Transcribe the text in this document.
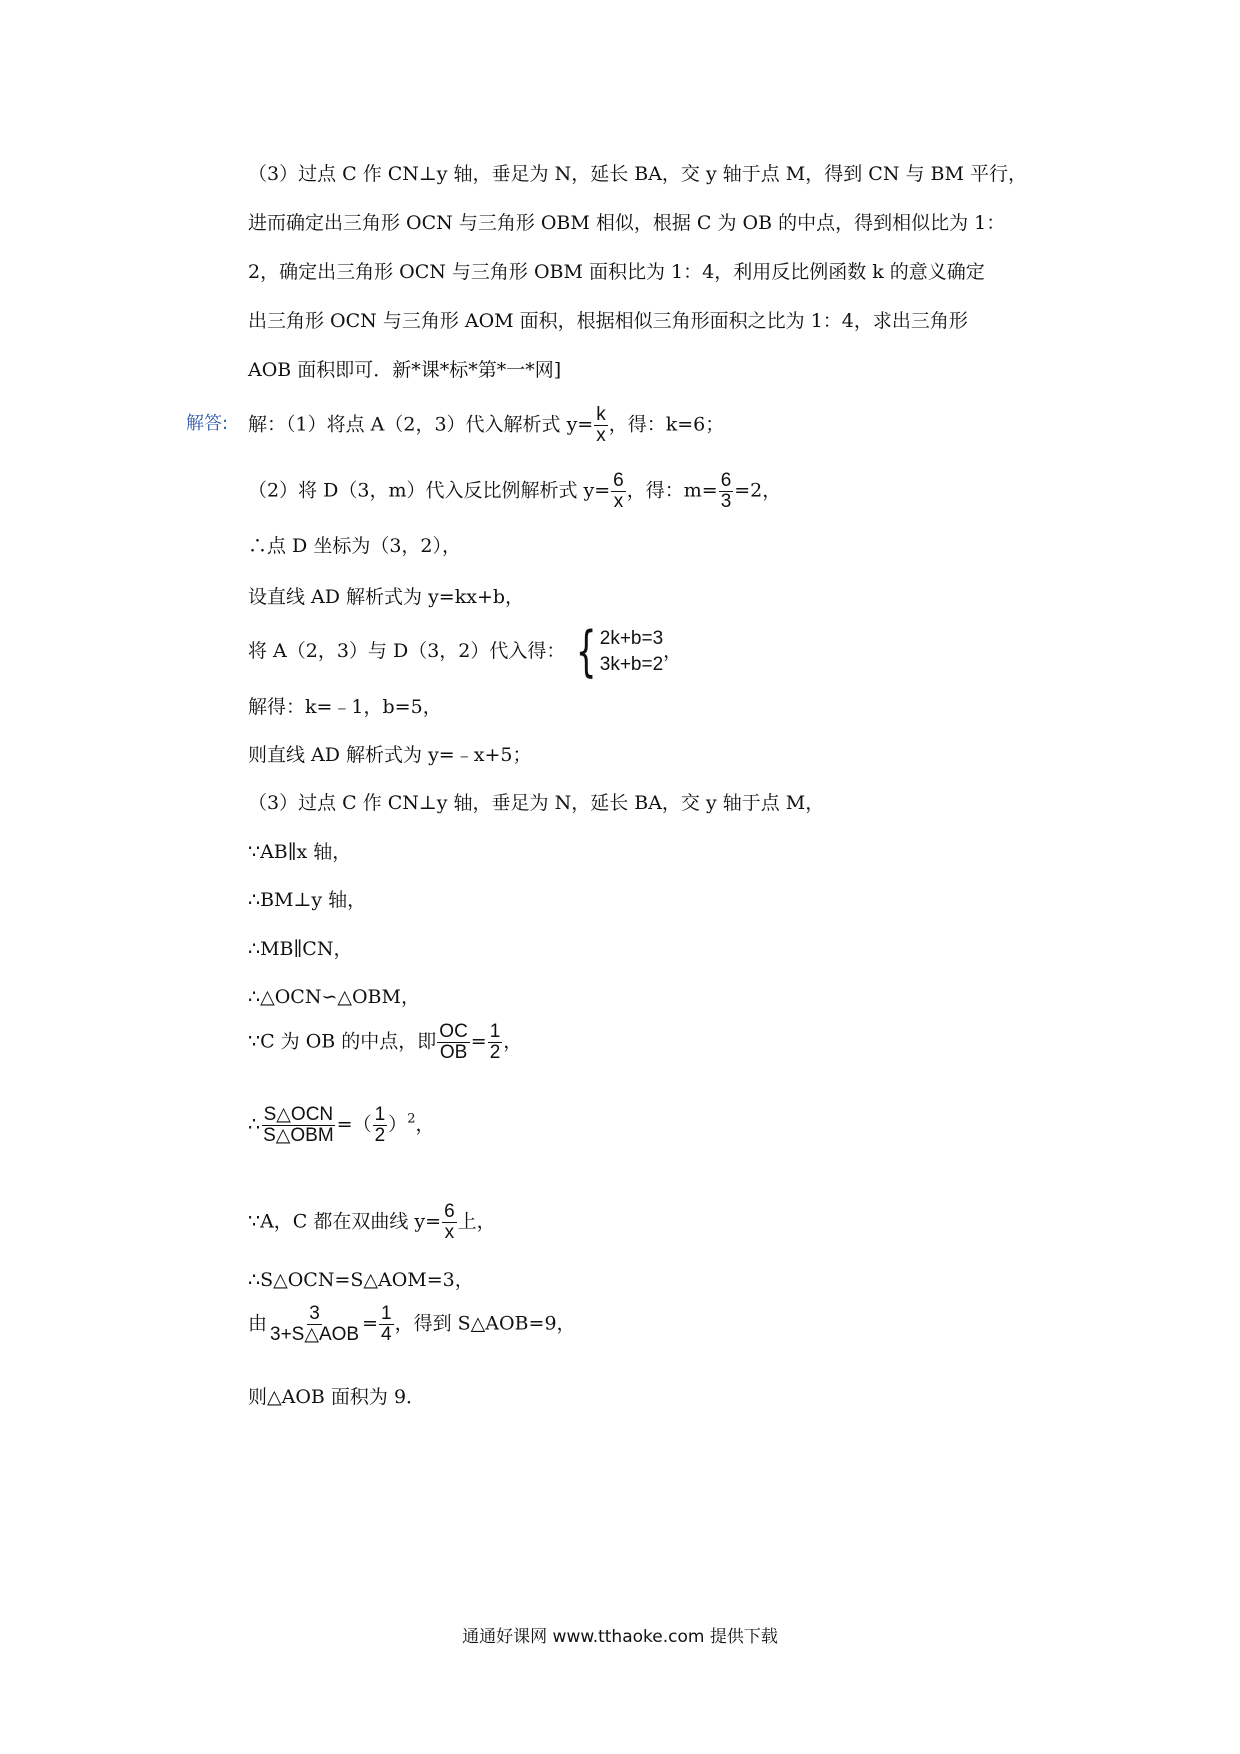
（3）过点 C 作 CN⊥y 轴，垂足为 N，延长 BA，交 y 轴于点 M，得到 CN 与 BM 平行，
进而确定出三角形 OCN 与三角形 OBM 相似，根据 C 为 OB 的中点，得到相似比为 1：
2，确定出三角形 OCN 与三角形 OBM 面积比为 1：4，利用反比例函数 k 的意义确定
出三角形 OCN 与三角形 AOM 面积，根据相似三角形面积之比为 1：4，求出三角形
AOB 面积即可．新*课*标*第*一*网]
解答: 解：（1）将点 A（2，3）代入解析式 $y= \frac{k}{x}$ ，得：k=6；
（2）将 D（3，m）代入反比例解析式 $y= \frac{6}{x}$ ，得：$m= \frac{6}{3} =2$，
∴点 D 坐标为（3，2），
设直线 AD 解析式为 y=kx+b，
将 A（2，3）与 D（3，2）代入得： { 2k+b=3
3k+b=2
，
解得：k=﹣1，b=5，
则直线 AD 解析式为 y=﹣x+5；
（3）过点 C 作 CN⊥y 轴，垂足为 N，延长 BA，交 y 轴于点 M，
∵AB∥x 轴，
∴BM⊥y 轴，
∴MB∥CN，
∴△OCN∽△OBM，
∵C 为 OB 的中点，即 $\frac{OC}{OB} = \frac{1}{2}$ ，
∴ $\frac{\text{S△OCN}}{\text{S△OBM}}$ =（ $\frac{1}{2} )^2$，
∵A，C 都在双曲线 $y= \frac{6}{x}$ 上，
∴S△OCN=S△AOM=3，
由 $\frac{3}{\text{3+S△AOB}} = \frac{1}{4}$ ，得到 S△AOB=9，
则△AOB 面积为 9．
通通好课网 www.tthaoke.com 提供下载
